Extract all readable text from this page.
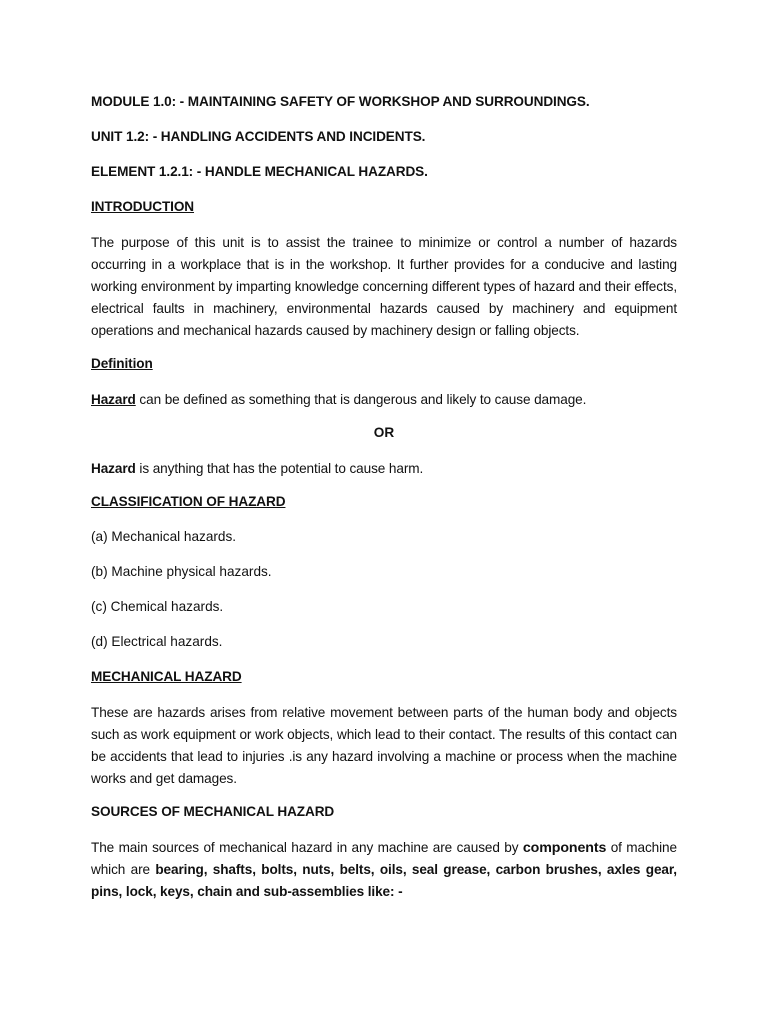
MODULE 1.0: - MAINTAINING SAFETY OF WORKSHOP AND SURROUNDINGS.
UNIT 1.2: - HANDLING ACCIDENTS AND INCIDENTS.
ELEMENT 1.2.1: - HANDLE MECHANICAL HAZARDS.
INTRODUCTION

The purpose of this unit is to assist the trainee to minimize or control a number of hazards occurring in a workplace that is in the workshop. It further provides for a conducive and lasting working environment by imparting knowledge concerning different types of hazard and their effects, electrical faults in machinery, environmental hazards caused by machinery and equipment operations and mechanical hazards caused by machinery design or falling objects.

Definition

Hazard can be defined as something that is dangerous and likely to cause damage.

OR

Hazard is anything that has the potential to cause harm.

CLASSIFICATION OF HAZARD
(a) Mechanical hazards.
(b) Machine physical hazards.
(c) Chemical hazards.
(d) Electrical hazards.
MECHANICAL HAZARD

These are hazards arises from relative movement between parts of the human body and objects such as work equipment or work objects, which lead to their contact. The results of this contact can be accidents that lead to injuries .is any hazard involving a machine or process when the machine works and get damages.

SOURCES OF MECHANICAL HAZARD

The main sources of mechanical hazard in any machine are caused by components of machine which are bearing, shafts, bolts, nuts, belts, oils, seal grease, carbon brushes, axles gear, pins, lock, keys, chain and sub-assemblies like: -
